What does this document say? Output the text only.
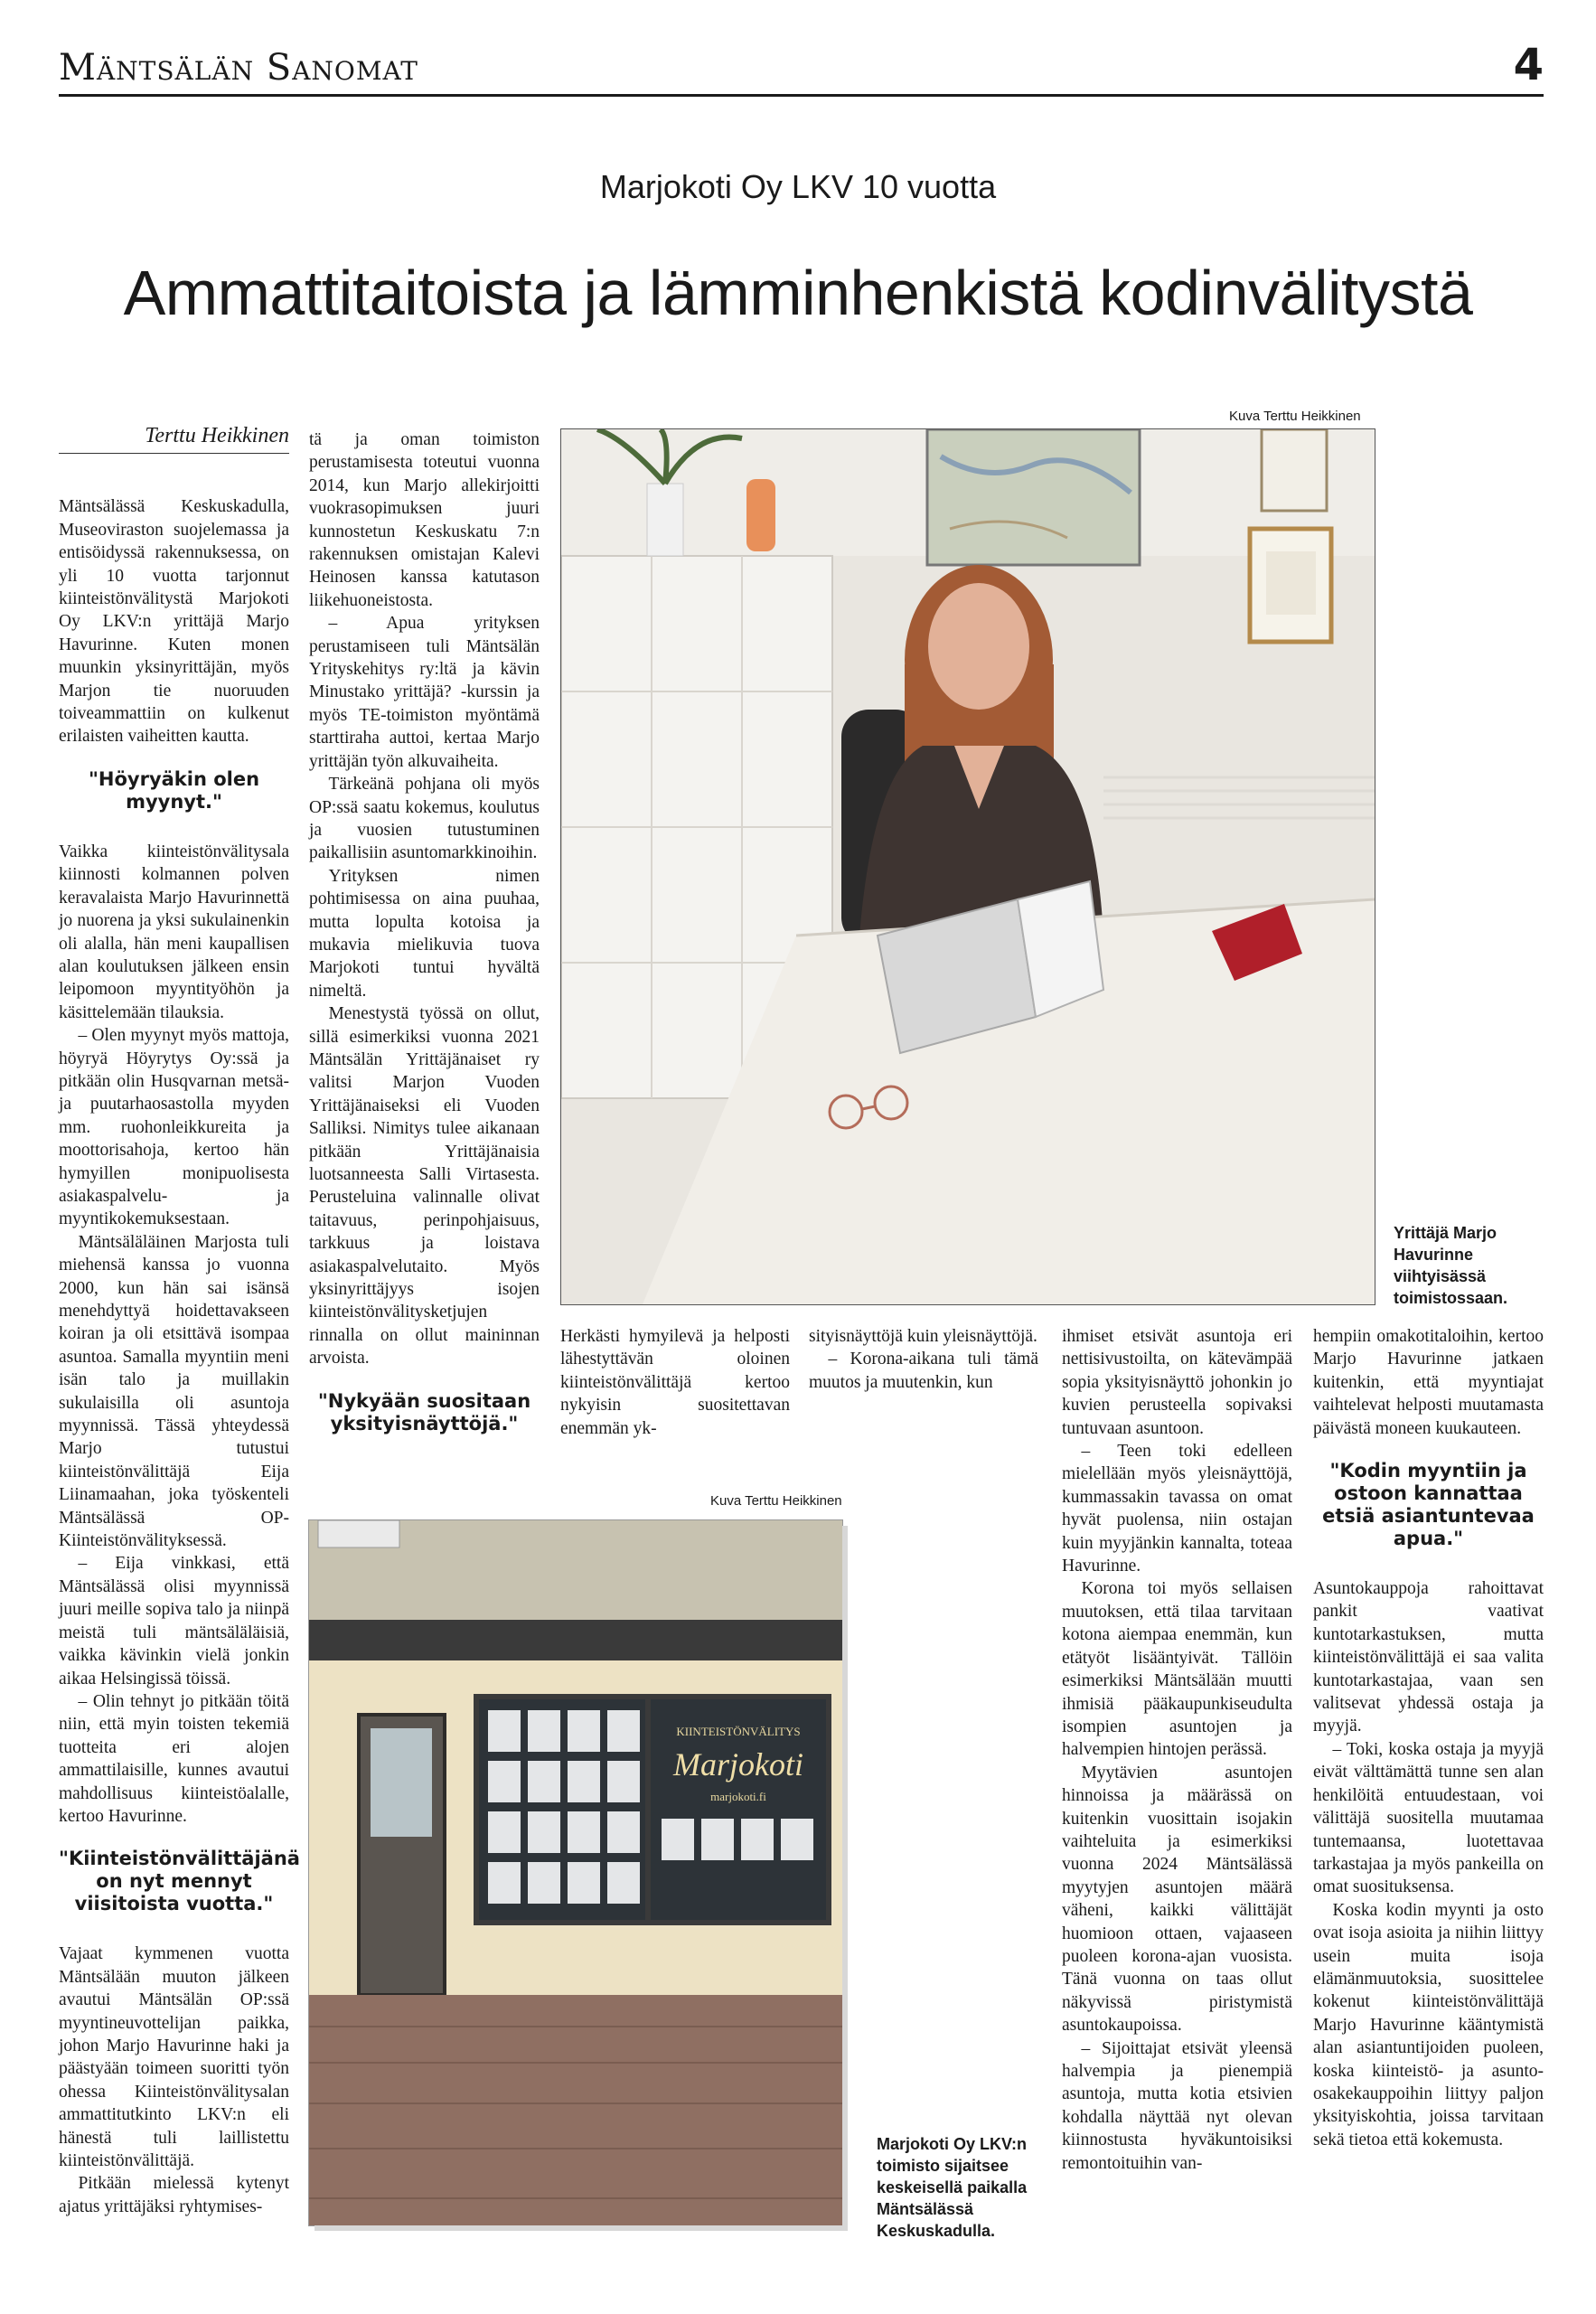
Mäntsälän Sanomat	4
Marjokoti Oy LKV 10 vuotta
Ammattitaitoista ja lämminhenkistä kodinvälitystä
Terttu Heikkinen

Mäntsälässä Keskuskadulla, Museoviraston suojelemassa ja entisöidyssä rakennuksessa, on yli 10 vuotta tarjonnut kiinteistönvälitystä Marjokoti Oy LKV:n yrittäjä Marjo Havurinne. Kuten monen muunkin yksinyrittäjän, myös Marjon tie nuoruuden toiveammattiin on kulkenut erilaisten vaiheitten kautta.

"Höyryäkin olen myynyt."

Vaikka kiinteistönvälitysala kiinnosti kolmannen polven keravalaista Marjo Havurinnettä jo nuorena ja yksi sukulainenkin oli alalla, hän meni kaupallisen alan koulutuksen jälkeen ensin leipomoon myyntityöhön ja käsittelemään tilauksia.

– Olen myynyt myös mattoja, höyryä Höyrytys Oy:ssä ja pitkään olin Husqvarnan metsä- ja puutarhaosastolla myyden mm. ruohonleikkureita ja moottorisahoja, kertoo hän hymyillen monipuolisesta asiakaspalvelu- ja myyntikokemuksestaan.

Mäntsäläläinen Marjosta tuli miehensä kanssa jo vuonna 2000, kun hän sai isänsä menehdyttyä hoidettavakseen koiran ja oli etsittävä isompaa asuntoa. Samalla myyntiin meni isän talo ja muillakin sukulaisilla oli asuntoja myynnissä. Tässä yhteydessä Marjo tutustui kiinteistönvälittäjä Eija Liinamaahan, joka työskenteli Mäntsälässä OP-Kiinteistönvälityksessä.

– Eija vinkkasi, että Mäntsälässä olisi myynnissä juuri meille sopiva talo ja niinpä meistä tuli mäntsäläläisiä, vaikka kävinkin vielä jonkin aikaa Helsingissä töissä.

– Olin tehnyt jo pitkään töitä niin, että myin toisten tekemiä tuotteita eri alojen ammattilaisille, kunnes avautui mahdollisuus kiinteistöalalle, kertoo Havurinne.

"Kiinteistönvälittäjänä on nyt mennyt viisitoista vuotta."

Vajaat kymmenen vuotta Mäntsälään muuton jälkeen avautui Mäntsälän OP:ssä myyntineuvottelijan paikka, johon Marjo Havurinne haki ja päästyään toimeen suoritti työn ohessa Kiinteistönvälitysalan ammattitutkinto LKV:n eli hänestä tuli laillistettu kiinteistönvälittäjä.

Pitkään mielessä kytenyt ajatus yrittäjäksi ryhtymises-

tä ja oman toimiston perustamisesta toteutui vuonna 2014, kun Marjo allekirjoitti vuokrasopimuksen juuri kunnostetun Keskuskatu 7:n rakennuksen omistajan Kalevi Heinosen kanssa katutason liikehuoneistosta.

– Apua yrityksen perustamiseen tuli Mäntsälän Yrityskehitys ry:ltä ja kävin Minustako yrittäjä? -kurssin ja myös TE-toimiston myöntämä starttiraha auttoi, kertaa Marjo yrittäjän työn alkuvaiheita.

Tärkeänä pohjana oli myös OP:ssä saatu kokemus, koulutus ja vuosien tutustuminen paikallisiin asuntomarkkinoihin.

Yrityksen nimen pohtimisessa on aina puuhaa, mutta lopulta kotoisa ja mukavia mielikuvia tuova Marjokoti tuntui hyvältä nimeltä.

Menestystä työssä on ollut, sillä esimerkiksi vuonna 2021 Mäntsälän Yrittäjänaiset ry valitsi Marjon Vuoden Yrittäjänaiseksi eli Vuoden Salliksi. Nimitys tulee aikanaan pitkään Yrittäjänaisia luotsanneesta Salli Virtasesta. Perusteluina valinnalle olivat taitavuus, perinpohjaisuus, tarkkuus ja loistava asiakaspalvelutaito. Myös yksinyrittäjyys isojen kiinteistönvälitysketjujen rinnalla on ollut maininnan arvoista.

"Nykyään suositaan yksityisnäyttöjä."
Kuva Terttu Heikkinen
Yrittäjä Marjo Havurinne viihtyisässä toimistossaan.

Herkästi hymyilevä ja helposti lähestyttävän oloinen kiinteistönvälittäjä kertoo nykyisin suositettavan enemmän yk-

sityisnäyttöjä kuin yleisnäyttöjä.

– Korona-aikana tuli tämä muutos ja muutenkin, kun

Kuva Terttu Heikkinen
KIINTEISTÖNVÄLITYS
Marjokoti
marjokoti.fi
Marjokoti Oy LKV:n toimisto sijaitsee keskeisellä paikalla Mäntsälässä Keskuskadulla.

ihmiset etsivät asuntoja eri nettisivustoilta, on kätevämpää sopia yksityisnäyttö johonkin jo kuvien perusteella sopivaksi tuntuvaan asuntoon.

– Teen toki edelleen mielellään myös yleisnäyttöjä, kummassakin tavassa on omat hyvät puolensa, niin ostajan kuin myyjänkin kannalta, toteaa Havurinne.

Korona toi myös sellaisen muutoksen, että tilaa tarvitaan kotona aiempaa enemmän, kun etätyöt lisääntyivät. Tällöin esimerkiksi Mäntsälään muutti ihmisiä pääkaupunkiseudulta isompien asuntojen ja halvempien hintojen perässä.

Myytävien asuntojen hinnoissa ja määrässä on kuitenkin vuosittain isojakin vaihteluita ja esimerkiksi vuonna 2024 Mäntsälässä myytyjen asuntojen määrä väheni, kaikki välittäjät huomioon ottaen, vajaaseen puoleen korona-ajan vuosista. Tänä vuonna on taas ollut näkyvissä piristymistä asuntokaupoissa.

– Sijoittajat etsivät yleensä halvempia ja pienempiä asuntoja, mutta kotia etsivien kohdalla näyttää nyt olevan kiinnostusta hyväkuntoisiksi remontoituihin van-

hempiin omakotitaloihin, kertoo Marjo Havurinne jatkaen kuitenkin, että myyntiajat vaihtelevat helposti muutamasta päivästä moneen kuukauteen.

"Kodin myyntiin ja ostoon kannattaa etsiä asiantuntevaa apua."

Asuntokauppoja rahoittavat pankit vaativat kuntotarkastuksen, mutta kiinteistönvälittäjä ei saa valita kuntotarkastajaa, vaan sen valitsevat yhdessä ostaja ja myyjä.

– Toki, koska ostaja ja myyjä eivät välttämättä tunne sen alan henkilöitä entuudestaan, voi välittäjä suositella muutamaa tuntemaansa, luotettavaa tarkastajaa ja myös pankeilla on omat suosituksensa.

Koska kodin myynti ja osto ovat isoja asioita ja niihin liittyy usein muita isoja elämänmuutoksia, suosittelee kokenut kiinteistönvälittäjä Marjo Havurinne kääntymistä alan asiantuntijoiden puoleen, koska kiinteistö- ja asunto-osakekauppoihin liittyy paljon yksityiskohtia, joissa tarvitaan sekä tietoa että kokemusta.
